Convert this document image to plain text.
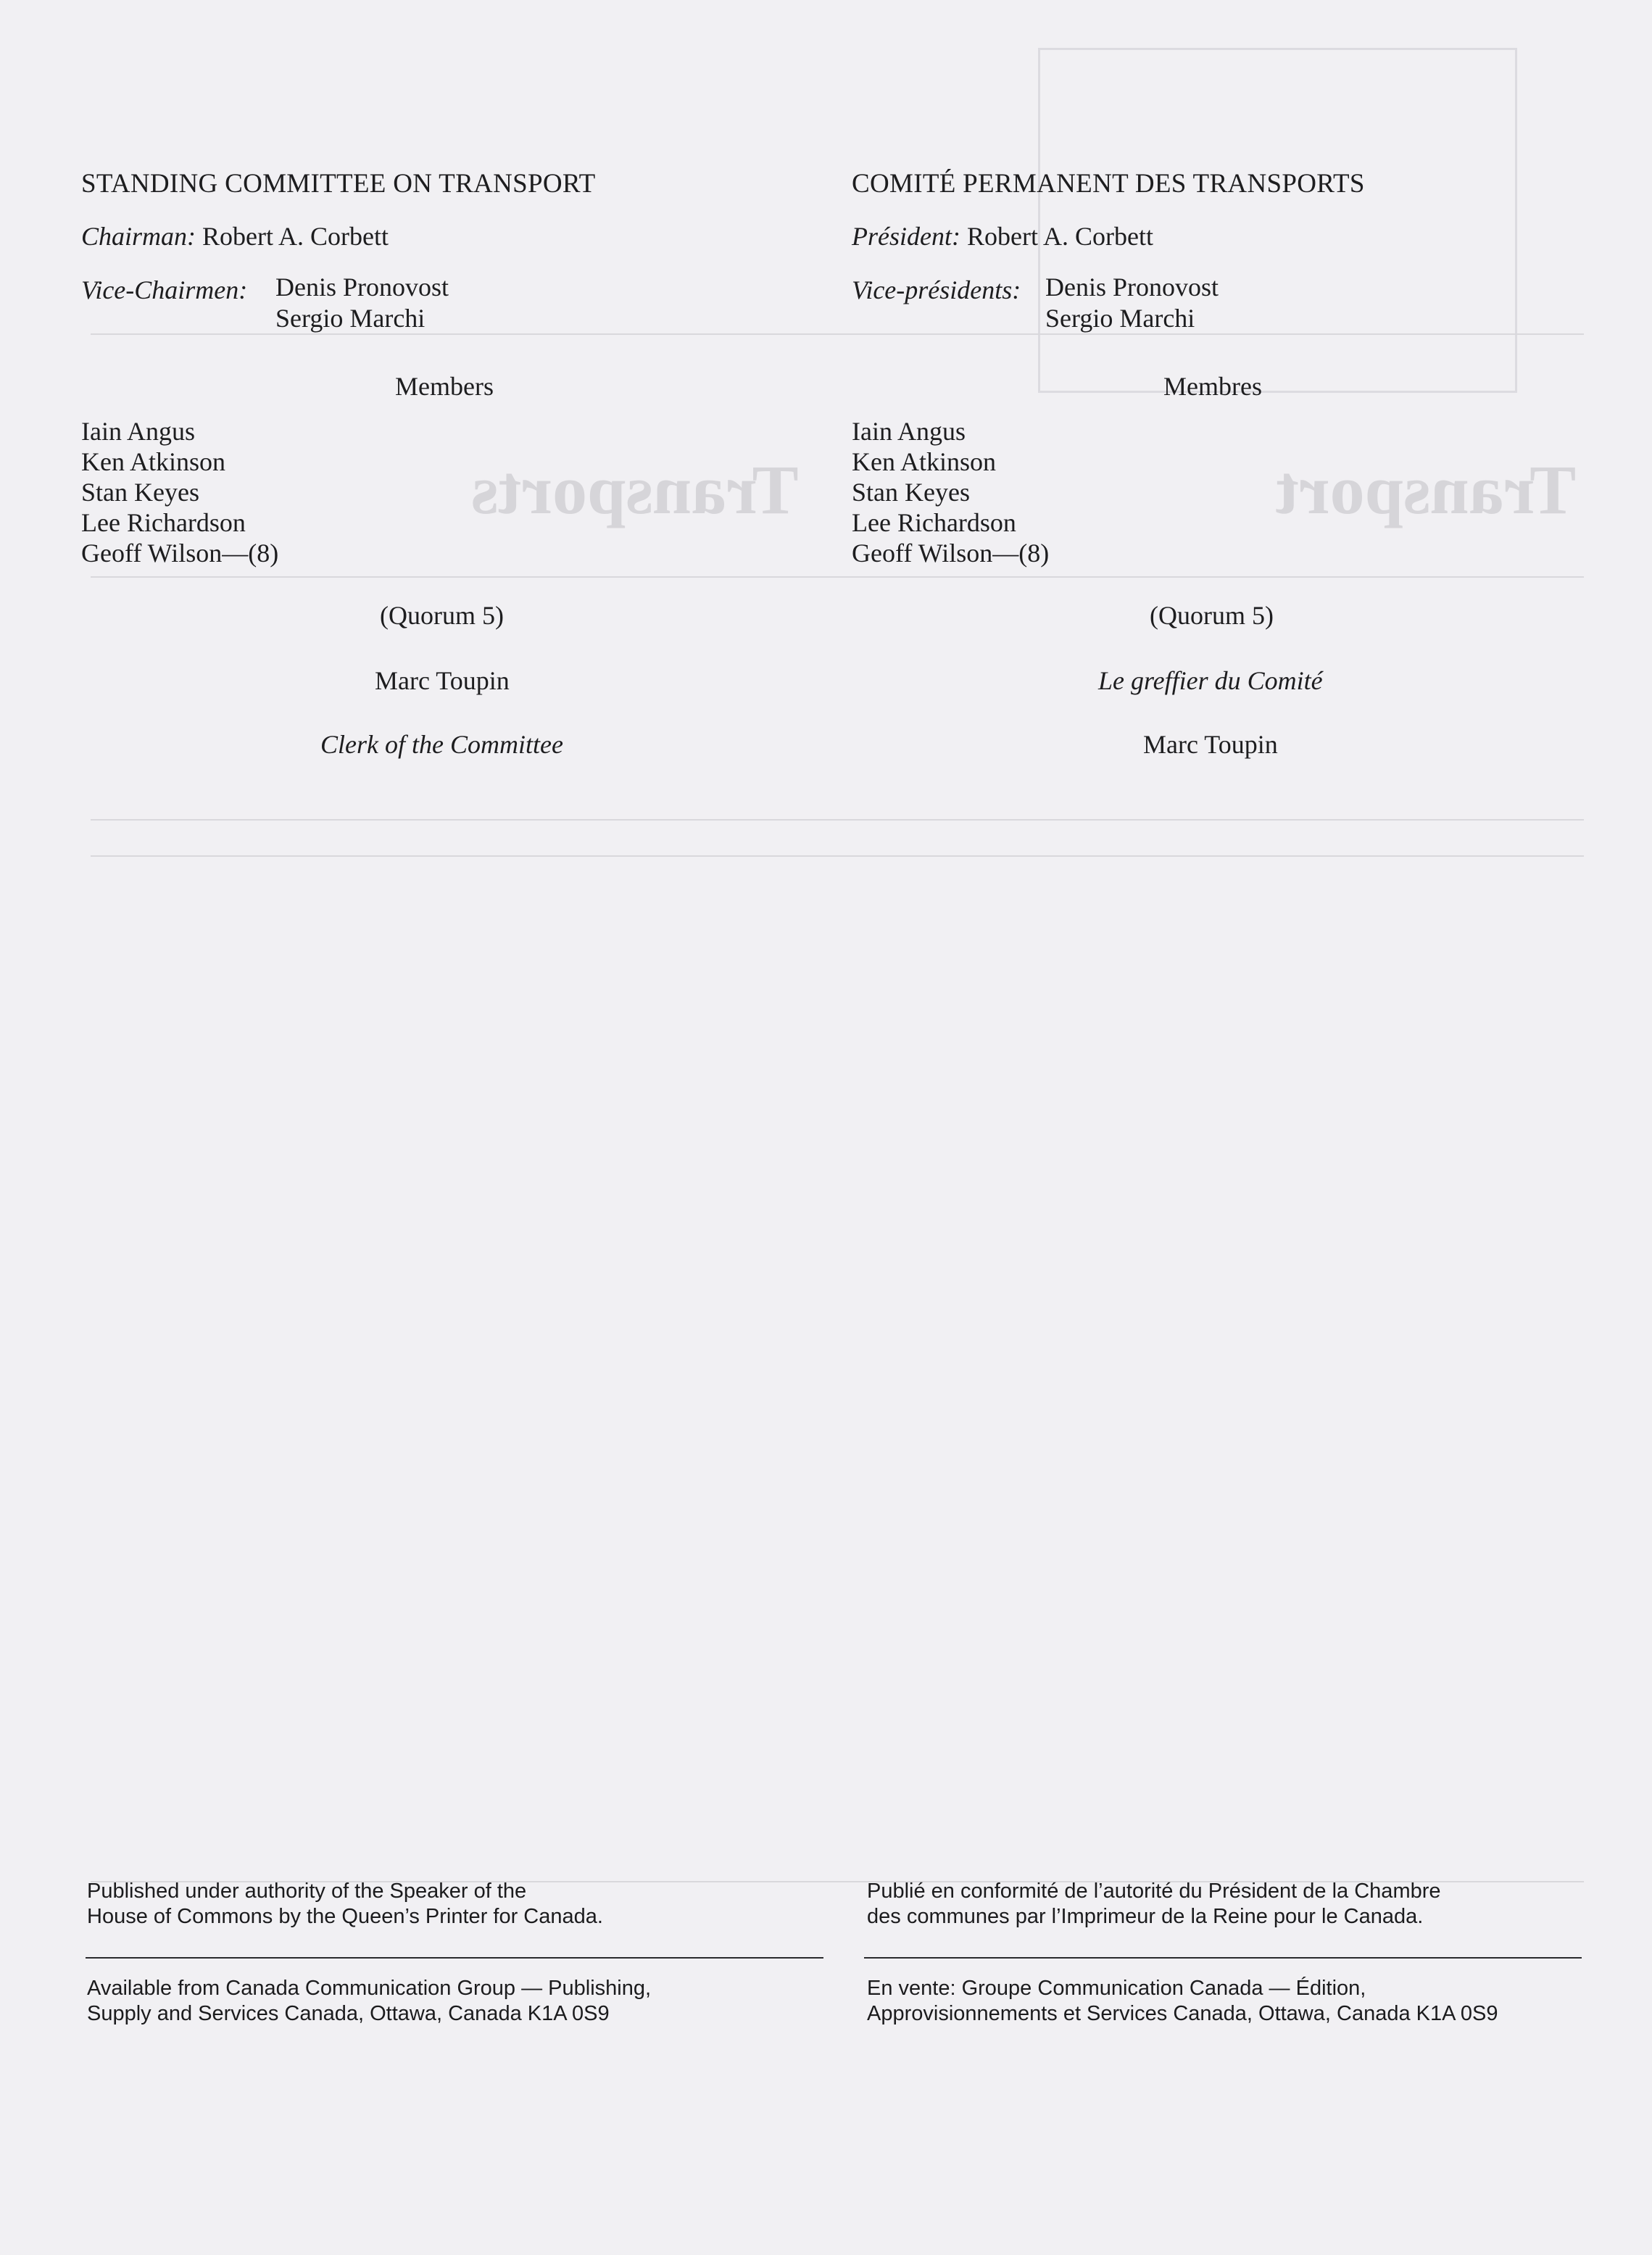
Transports	Transport
STANDING COMMITTEE ON TRANSPORT
Chairman: Robert A. Corbett
Vice-Chairmen: Denis Pronovost
Sergio Marchi
Members
Iain Angus
Ken Atkinson
Stan Keyes
Lee Richardson
Geoff Wilson—(8)
(Quorum 5)
Marc Toupin
Clerk of the Committee
COMITÉ PERMANENT DES TRANSPORTS
Président: Robert A. Corbett
Vice-présidents: Denis Pronovost
Sergio Marchi
Membres
Iain Angus
Ken Atkinson
Stan Keyes
Lee Richardson
Geoff Wilson—(8)
(Quorum 5)
Le greffier du Comité
Marc Toupin
Published under authority of the Speaker of the
House of Commons by the Queen’s Printer for Canada.
Publié en conformité de l’autorité du Président de la Chambre
des communes par l’Imprimeur de la Reine pour le Canada.
Available from Canada Communication Group — Publishing,
Supply and Services Canada, Ottawa, Canada K1A 0S9
En vente: Groupe Communication Canada — Édition,
Approvisionnements et Services Canada, Ottawa, Canada K1A 0S9
